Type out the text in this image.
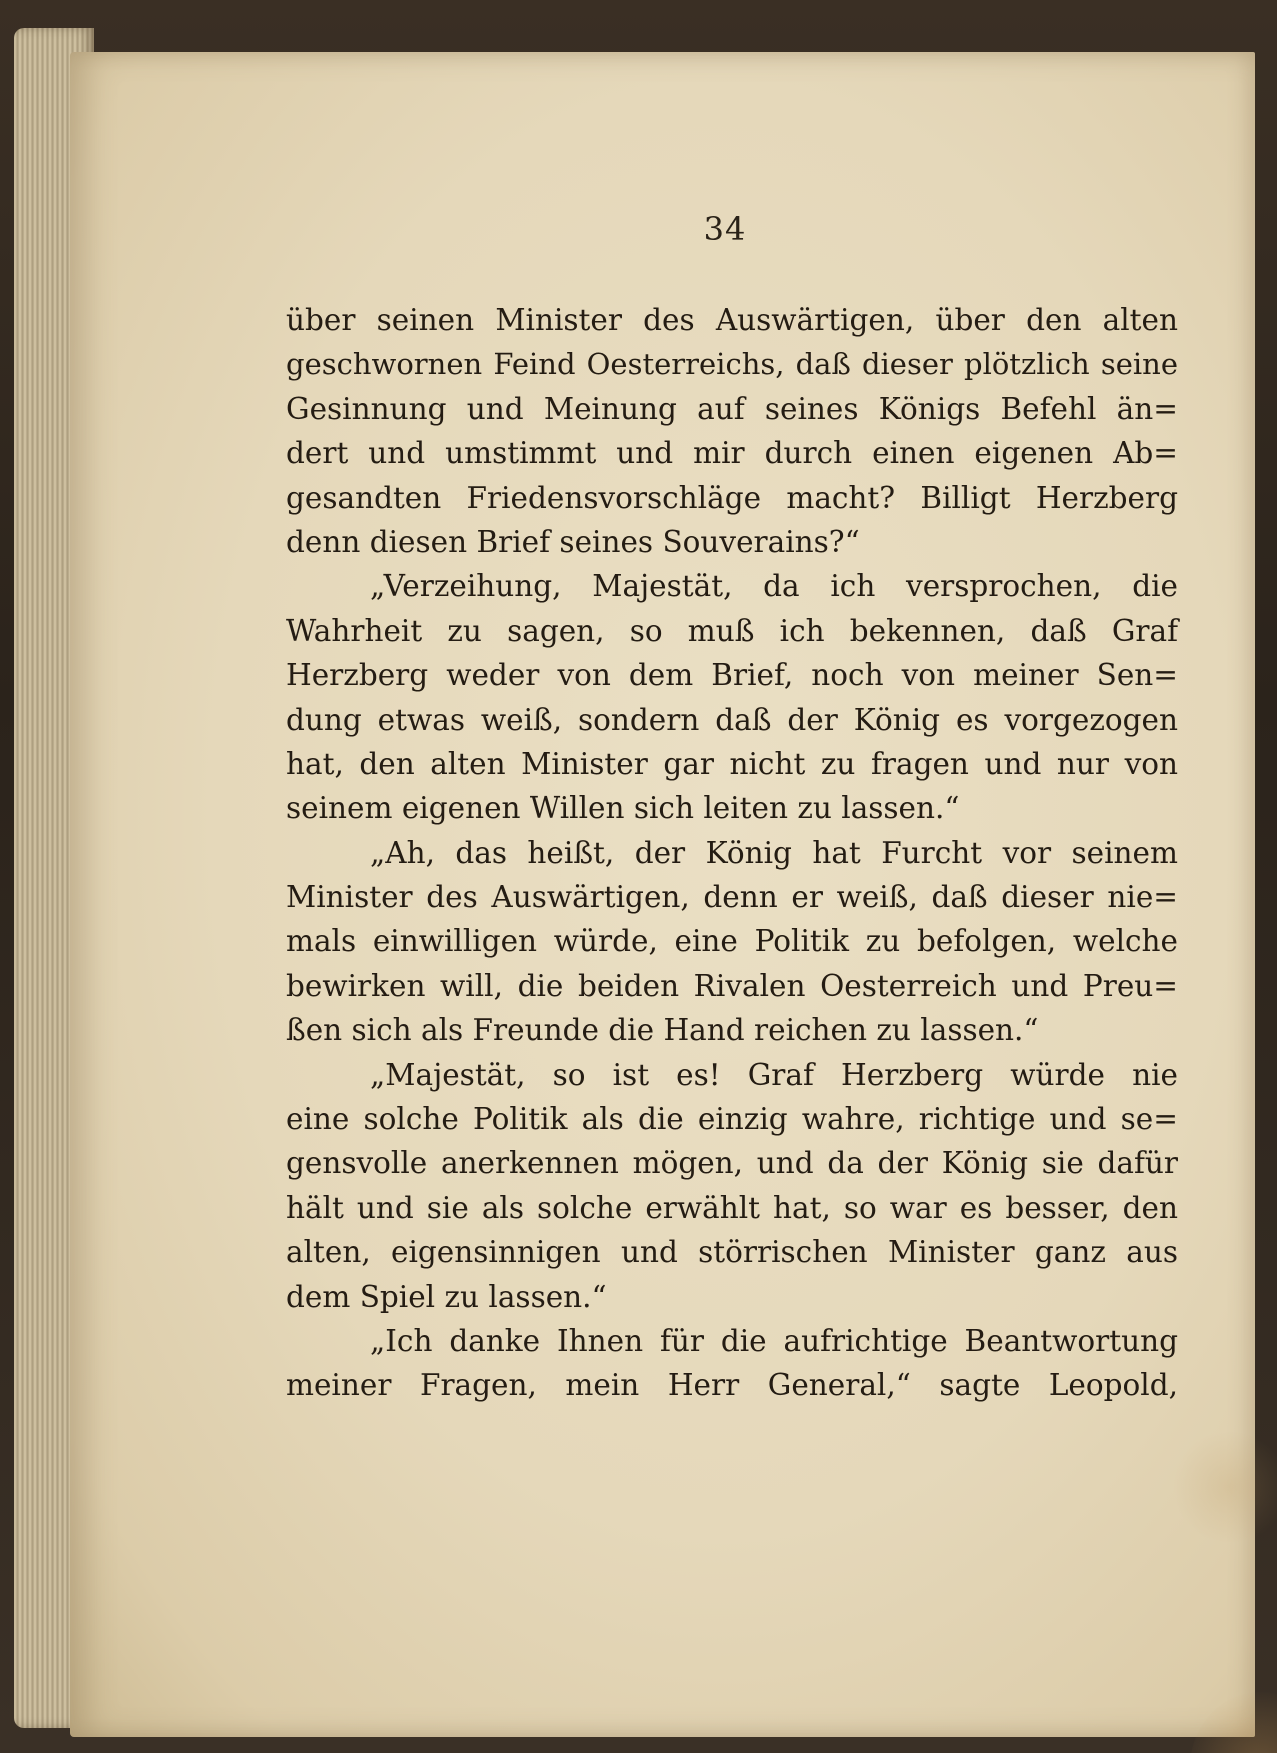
34
über seinen Minister des Auswärtigen, über den alten
geschwornen Feind Oesterreichs, daß dieser plötzlich seine
Gesinnung und Meinung auf seines Königs Befehl än=
dert und umstimmt und mir durch einen eigenen Ab=
gesandten Friedensvorschläge macht? Billigt Herzberg
denn diesen Brief seines Souverains?“
„Verzeihung, Majestät, da ich versprochen, die
Wahrheit zu sagen, so muß ich bekennen, daß Graf
Herzberg weder von dem Brief, noch von meiner Sen=
dung etwas weiß, sondern daß der König es vorgezogen
hat, den alten Minister gar nicht zu fragen und nur von
seinem eigenen Willen sich leiten zu lassen.“
„Ah, das heißt, der König hat Furcht vor seinem
Minister des Auswärtigen, denn er weiß, daß dieser nie=
mals einwilligen würde, eine Politik zu befolgen, welche
bewirken will, die beiden Rivalen Oesterreich und Preu=
ßen sich als Freunde die Hand reichen zu lassen.“
„Majestät, so ist es! Graf Herzberg würde nie
eine solche Politik als die einzig wahre, richtige und se=
gensvolle anerkennen mögen, und da der König sie dafür
hält und sie als solche erwählt hat, so war es besser, den
alten, eigensinnigen und störrischen Minister ganz aus
dem Spiel zu lassen.“
„Ich danke Ihnen für die aufrichtige Beantwortung
meiner Fragen, mein Herr General,“ sagte Leopold,
